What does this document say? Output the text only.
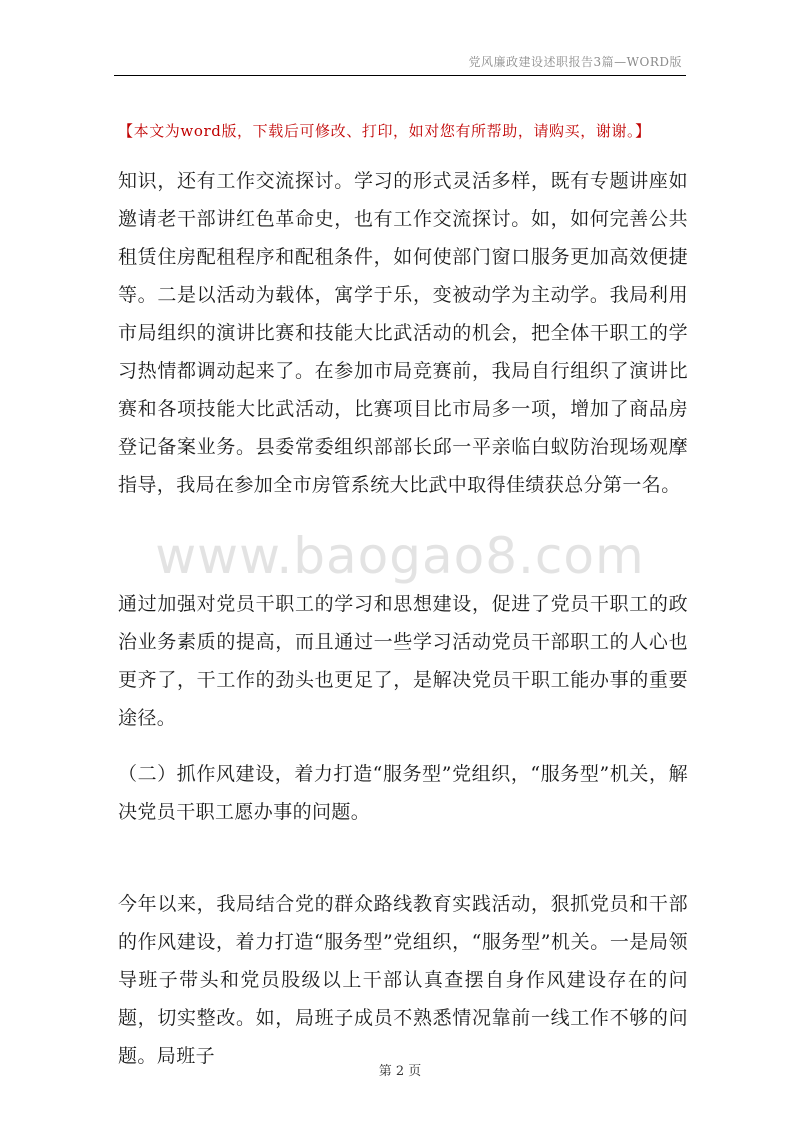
党风廉政建设述职报告3篇—WORD版
【本文为word版，下载后可修改、打印，如对您有所帮助，请购买，谢谢。】

知识，还有工作交流探讨。学习的形式灵活多样，既有专题讲座如邀请老干部讲红色革命史，也有工作交流探讨。如，如何完善公共租赁住房配租程序和配租条件，如何使部门窗口服务更加高效便捷等。二是以活动为载体，寓学于乐，变被动学为主动学。我局利用市局组织的演讲比赛和技能大比武活动的机会，把全体干职工的学习热情都调动起来了。在参加市局竞赛前，我局自行组织了演讲比赛和各项技能大比武活动，比赛项目比市局多一项，增加了商品房登记备案业务。县委常委组织部部长邱一平亲临白蚁防治现场观摩指导，我局在参加全市房管系统大比武中取得佳绩获总分第一名。

www.baogao8.com

通过加强对党员干职工的学习和思想建设，促进了党员干职工的政治业务素质的提高，而且通过一些学习活动党员干部职工的人心也更齐了，干工作的劲头也更足了，是解决党员干职工能办事的重要途径。

（二）抓作风建设，着力打造“服务型”党组织，“服务型”机关，解决党员干职工愿办事的问题。

今年以来，我局结合党的群众路线教育实践活动，狠抓党员和干部的作风建设，着力打造“服务型”党组织，“服务型”机关。一是局领导班子带头和党员股级以上干部认真查摆自身作风建设存在的问题，切实整改。如，局班子成员不熟悉情况靠前一线工作不够的问题。局班子

第 2 页
